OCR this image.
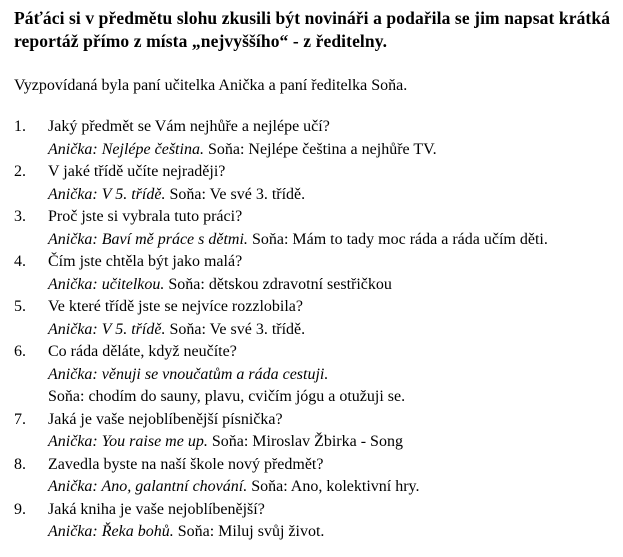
Páťáci si v předmětu slohu zkusili být novináři a podařila se jim napsat krátká reportáž přímo z místa „nejvyššího“ - z ředitelny.

Vyzpovídaná byla paní učitelka Anička a paní ředitelka Soňa.

1.	Jaký předmět se Vám nejhůře a nejlépe učí?
Anička: Nejlépe čeština. Soňa: Nejlépe čeština a nejhůře TV.
2.	V jaké třídě učíte nejraději?
Anička: V 5. třídě. Soňa: Ve své 3. třídě.
3.	Proč jste si vybrala tuto práci?
Anička: Baví mě práce s dětmi. Soňa: Mám to tady moc ráda a ráda učím děti.
4.	Čím jste chtěla být jako malá?
Anička: učitelkou. Soňa: dětskou zdravotní sestřičkou
5.	Ve které třídě jste se nejvíce rozzlobila?
Anička: V 5. třídě. Soňa: Ve své 3. třídě.
6.	Co ráda děláte, když neučíte?
Anička: věnuji se vnoučatům a ráda cestuji.
Soňa: chodím do sauny, plavu, cvičím jógu a otužuji se.
7.	Jaká je vaše nejoblíbenější písnička?
Anička: You raise me up. Soňa: Miroslav Žbirka - Song
8.	Zavedla byste na naší škole nový předmět?
Anička: Ano, galantní chování. Soňa: Ano, kolektivní hry.
9.	Jaká kniha je vaše nejoblíbenější?
Anička: Řeka bohů. Soňa: Miluj svůj život.
